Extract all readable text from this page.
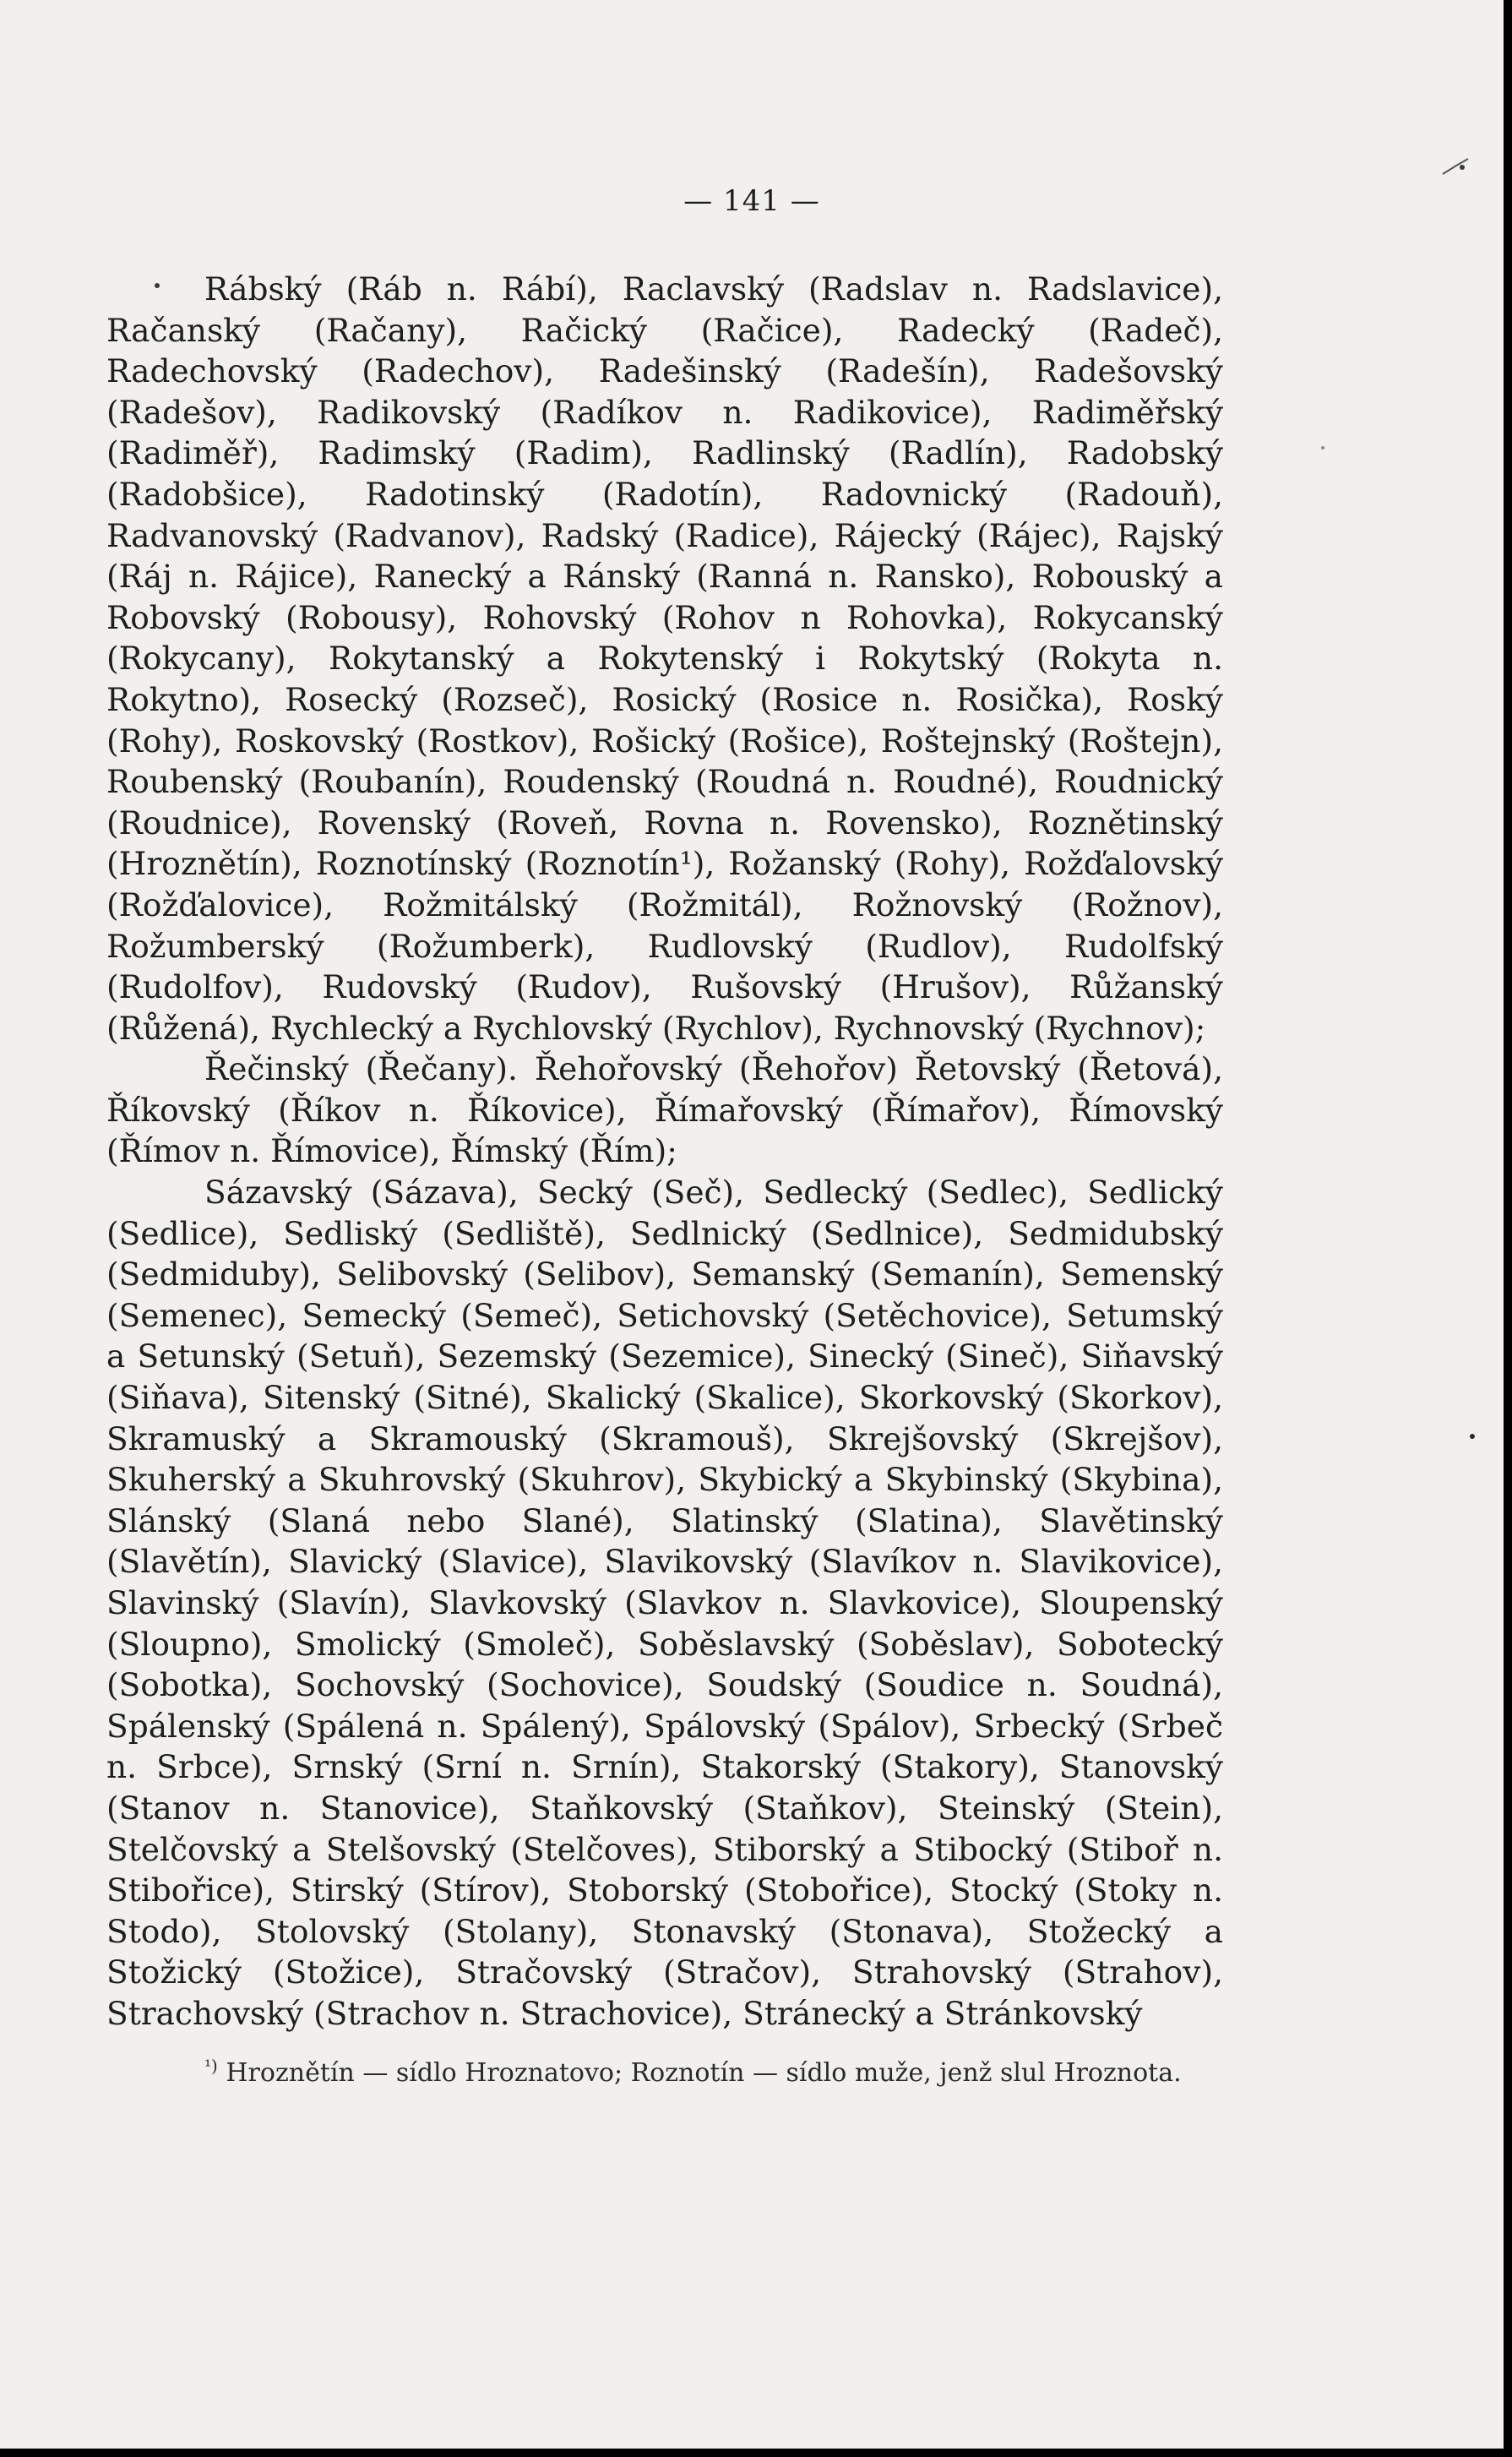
— 141 —

Rábský (Ráb n. Rábí), Raclavský (Radslav n. Radslavice), Račanský (Račany), Račický (Račice), Radecký (Radeč), Radechovský (Radechov), Radešinský (Radešín), Radešovský (Radešov), Radikovský (Radíkov n. Radikovice), Radiměřský (Radiměř), Radimský (Radim), Radlinský (Radlín), Radobský (Radobšice), Radotinský (Radotín), Radovnický (Radouň), Radvanovský (Radvanov), Radský (Radice), Rájecký (Rájec), Rajský (Ráj n. Rájice), Ranecký a Ránský (Ranná n. Ransko), Robouský a Robovský (Robousy), Rohovský (Rohov n Rohovka), Rokycanský (Rokycany), Rokytanský a Rokytenský i Rokytský (Rokyta n. Rokytno), Rosecký (Rozseč), Rosický (Rosice n. Rosička), Roský (Rohy), Roskovský (Rostkov), Rošický (Rošice), Roštejnský (Roštejn), Roubenský (Roubanín), Roudenský (Roudná n. Roudné), Roudnický (Roudnice), Rovenský (Roveň, Rovna n. Rovensko), Roznětinský (Hroznětín), Roznotínský (Roznotín¹), Rožanský (Rohy), Rožďalovský (Rožďalovice), Rožmitálský (Rožmitál), Rožnovský (Rožnov), Rožumberský (Rožumberk), Rudlovský (Rudlov), Rudolfský (Rudolfov), Rudovský (Rudov), Rušovský (Hrušov), Růžanský (Růžená), Rychlecký a Rychlovský (Rychlov), Rychnovský (Rychnov);

Řečinský (Řečany). Řehořovský (Řehořov) Řetovský (Řetová), Říkovský (Říkov n. Říkovice), Římařovský (Římařov), Římovský (Římov n. Římovice), Římský (Řím);

Sázavský (Sázava), Secký (Seč), Sedlecký (Sedlec), Sedlický (Sedlice), Sedliský (Sedliště), Sedlnický (Sedlnice), Sedmidubský (Sedmiduby), Selibovský (Selibov), Semanský (Semanín), Semenský (Semenec), Semecký (Semeč), Setichovský (Setěchovice), Setumský a Setunský (Setuň), Sezemský (Sezemice), Sinecký (Sineč), Siňavský (Siňava), Sitenský (Sitné), Skalický (Skalice), Skorkovský (Skorkov), Skramuský a Skramouský (Skramouš), Skrejšovský (Skrejšov), Skuherský a Skuhrovský (Skuhrov), Skybický a Skybinský (Skybina), Slánský (Slaná nebo Slané), Slatinský (Slatina), Slavětinský (Slavětín), Slavický (Slavice), Slavikovský (Slavíkov n. Slavikovice), Slavinský (Slavín), Slavkovský (Slavkov n. Slavkovice), Sloupenský (Sloupno), Smolický (Smoleč), Soběslavský (Soběslav), Sobotecký (Sobotka), Sochovský (Sochovice), Soudský (Soudice n. Soudná), Spálenský (Spálená n. Spálený), Spálovský (Spálov), Srbecký (Srbeč n. Srbce), Srnský (Srní n. Srnín), Stakorský (Stakory), Stanovský (Stanov n. Stanovice), Staňkovský (Staňkov), Steinský (Stein), Stelčovský a Stelšovský (Stelčoves), Stiborský a Stibocký (Stiboř n. Stibořice), Stirský (Stírov), Stoborský (Stobořice), Stocký (Stoky n. Stodo), Stolovský (Stolany), Stonavský (Stonava), Stožecký a Stožický (Stožice), Stračovský (Stračov), Strahovský (Strahov), Strachovský (Strachov n. Strachovice), Stránecký a Stránkovský

$^{^1)}$ Hroznětín — sídlo Hroznatovo; Roznotín — sídlo muže, jenž slul Hroznota.
